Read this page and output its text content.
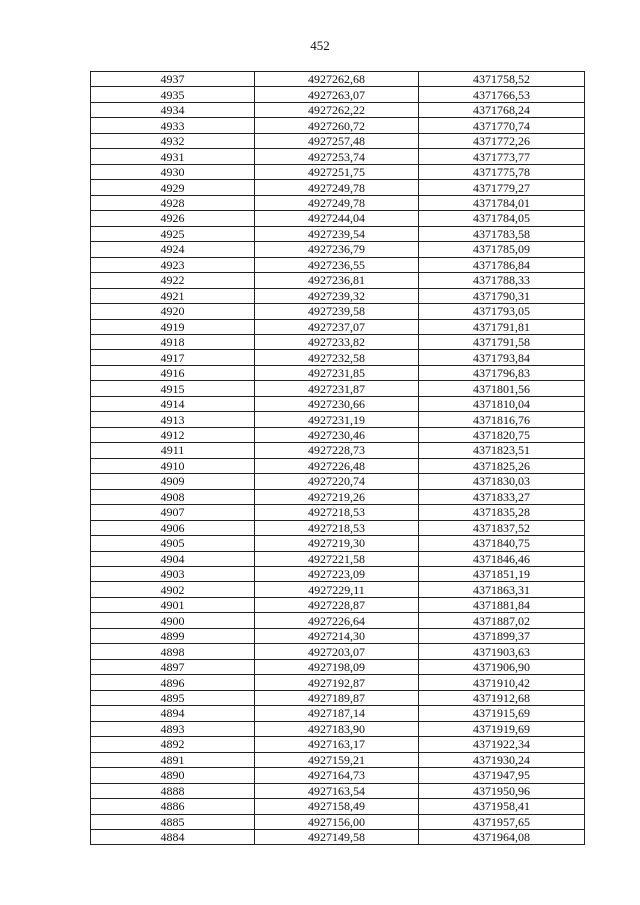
452
4937	4927262,68	4371758,52
4935	4927263,07	4371766,53
4934	4927262,22	4371768,24
4933	4927260,72	4371770,74
4932	4927257,48	4371772,26
4931	4927253,74	4371773,77
4930	4927251,75	4371775,78
4929	4927249,78	4371779,27
4928	4927249,78	4371784,01
4926	4927244,04	4371784,05
4925	4927239,54	4371783,58
4924	4927236,79	4371785,09
4923	4927236,55	4371786,84
4922	4927236,81	4371788,33
4921	4927239,32	4371790,31
4920	4927239,58	4371793,05
4919	4927237,07	4371791,81
4918	4927233,82	4371791,58
4917	4927232,58	4371793,84
4916	4927231,85	4371796,83
4915	4927231,87	4371801,56
4914	4927230,66	4371810,04
4913	4927231,19	4371816,76
4912	4927230,46	4371820,75
4911	4927228,73	4371823,51
4910	4927226,48	4371825,26
4909	4927220,74	4371830,03
4908	4927219,26	4371833,27
4907	4927218,53	4371835,28
4906	4927218,53	4371837,52
4905	4927219,30	4371840,75
4904	4927221,58	4371846,46
4903	4927223,09	4371851,19
4902	4927229,11	4371863,31
4901	4927228,87	4371881,84
4900	4927226,64	4371887,02
4899	4927214,30	4371899,37
4898	4927203,07	4371903,63
4897	4927198,09	4371906,90
4896	4927192,87	4371910,42
4895	4927189,87	4371912,68
4894	4927187,14	4371915,69
4893	4927183,90	4371919,69
4892	4927163,17	4371922,34
4891	4927159,21	4371930,24
4890	4927164,73	4371947,95
4888	4927163,54	4371950,96
4886	4927158,49	4371958,41
4885	4927156,00	4371957,65
4884	4927149,58	4371964,08
